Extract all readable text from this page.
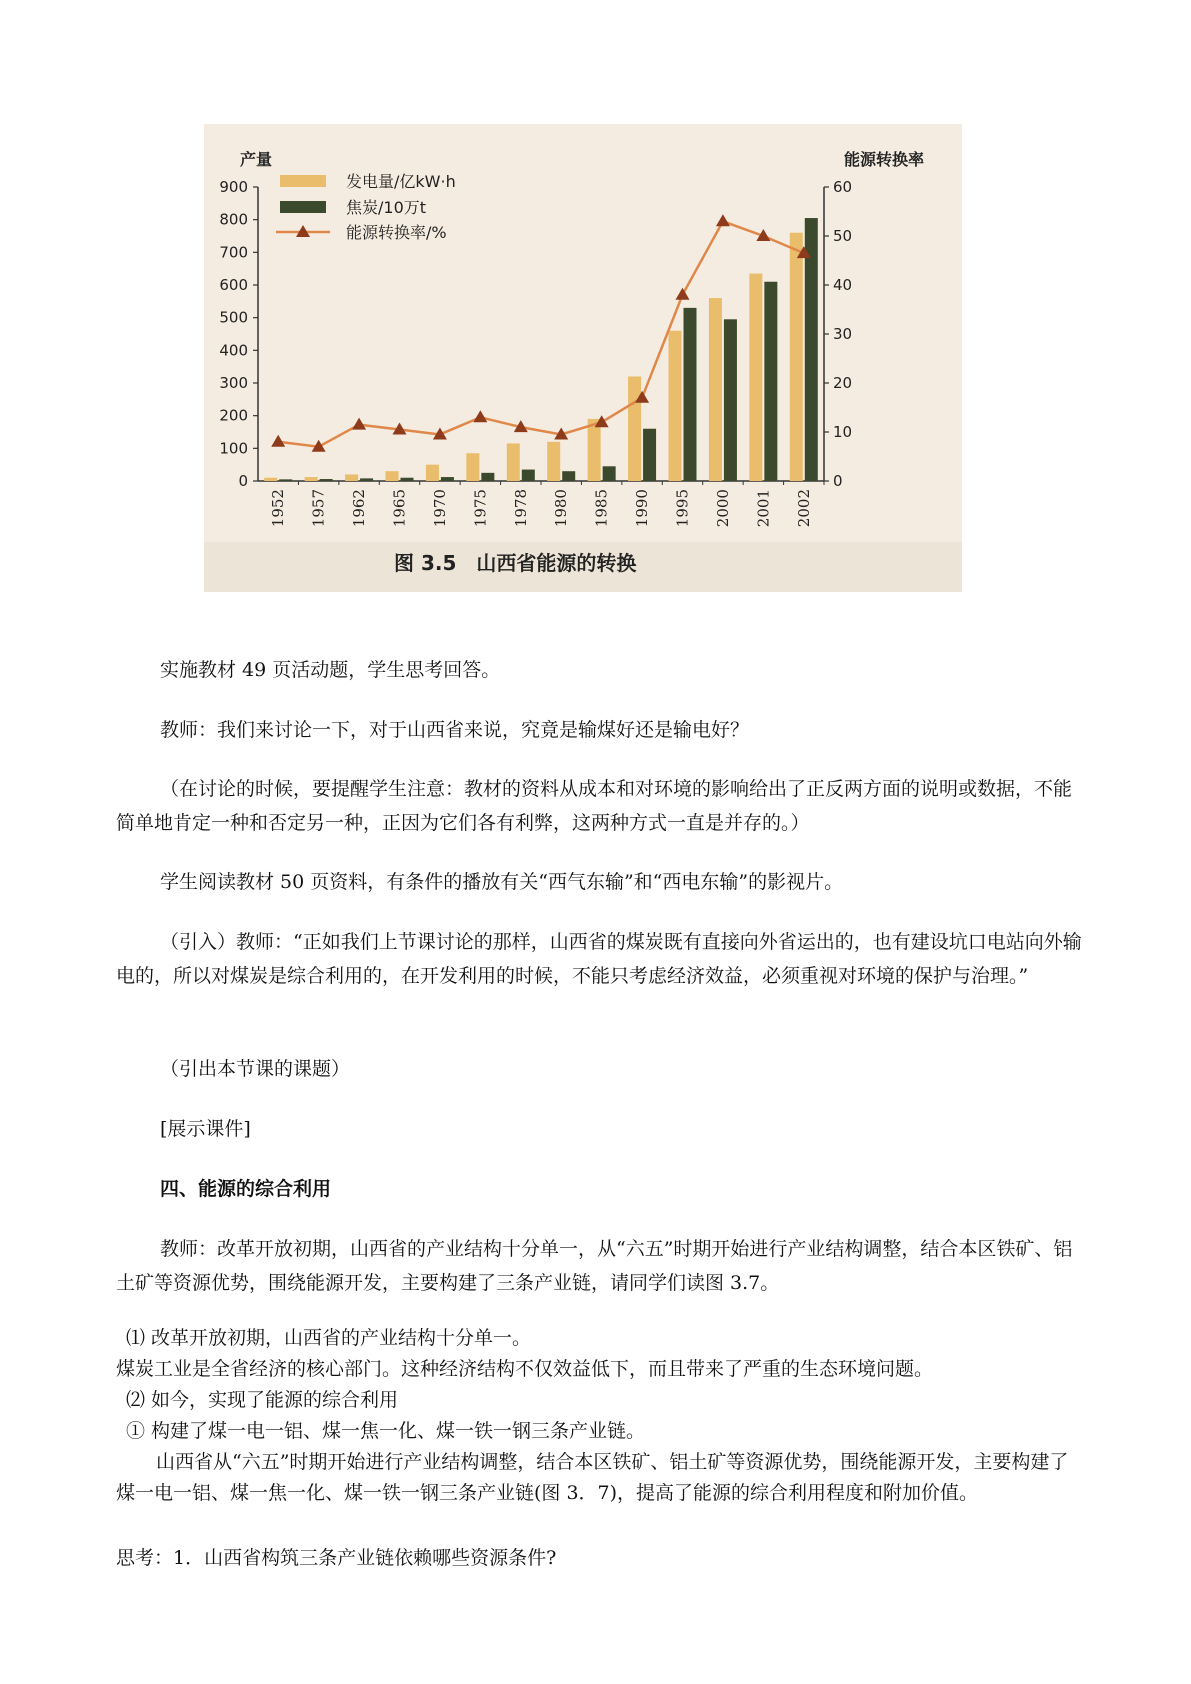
0
100
200
300
400
500
600
700
800
900
0
10
20
30
40
50
60
1952 1957 1962 1965 1970 1975 1978 1980 1985 1990 1995 2000 2001 2002
发电量/亿kW·h
焦炭/10万t
能源转换率/%
产量	能源转换率
图 3.5　山西省能源的转换
实施教材 49 页活动题，学生思考回答。
教师：我们来讨论一下，对于山西省来说，究竟是输煤好还是输电好？
（在讨论的时候，要提醒学生注意：教材的资料从成本和对环境的影响给出了正反两方面的说明或数据，不能简单地肯定一种和否定另一种，正因为它们各有利弊，这两种方式一直是并存的。）
学生阅读教材 50 页资料，有条件的播放有关“西气东输”和“西电东输”的影视片。
（引入）教师：“正如我们上节课讨论的那样，山西省的煤炭既有直接向外省运出的，也有建设坑口电站向外输电的，所以对煤炭是综合利用的，在开发利用的时候，不能只考虑经济效益，必须重视对环境的保护与治理。”
（引出本节课的课题）
[展示课件]
四、能源的综合利用
教师：改革开放初期，山西省的产业结构十分单一，从“六五”时期开始进行产业结构调整，结合本区铁矿、铝土矿等资源优势，围绕能源开发，主要构建了三条产业链，请同学们读图 3.7。
⑴ 改革开放初期，山西省的产业结构十分单一。
煤炭工业是全省经济的核心部门。这种经济结构不仅效益低下，而且带来了严重的生态环境问题。
⑵ 如今，实现了能源的综合利用
① 构建了煤一电一铝、煤一焦一化、煤一铁一钢三条产业链。
山西省从“六五”时期开始进行产业结构调整，结合本区铁矿、铝土矿等资源优势，围绕能源开发，主要构建了煤一电一铝、煤一焦一化、煤一铁一钢三条产业链(图 3．7)，提高了能源的综合利用程度和附加价值。
思考：1．山西省构筑三条产业链依赖哪些资源条件?
